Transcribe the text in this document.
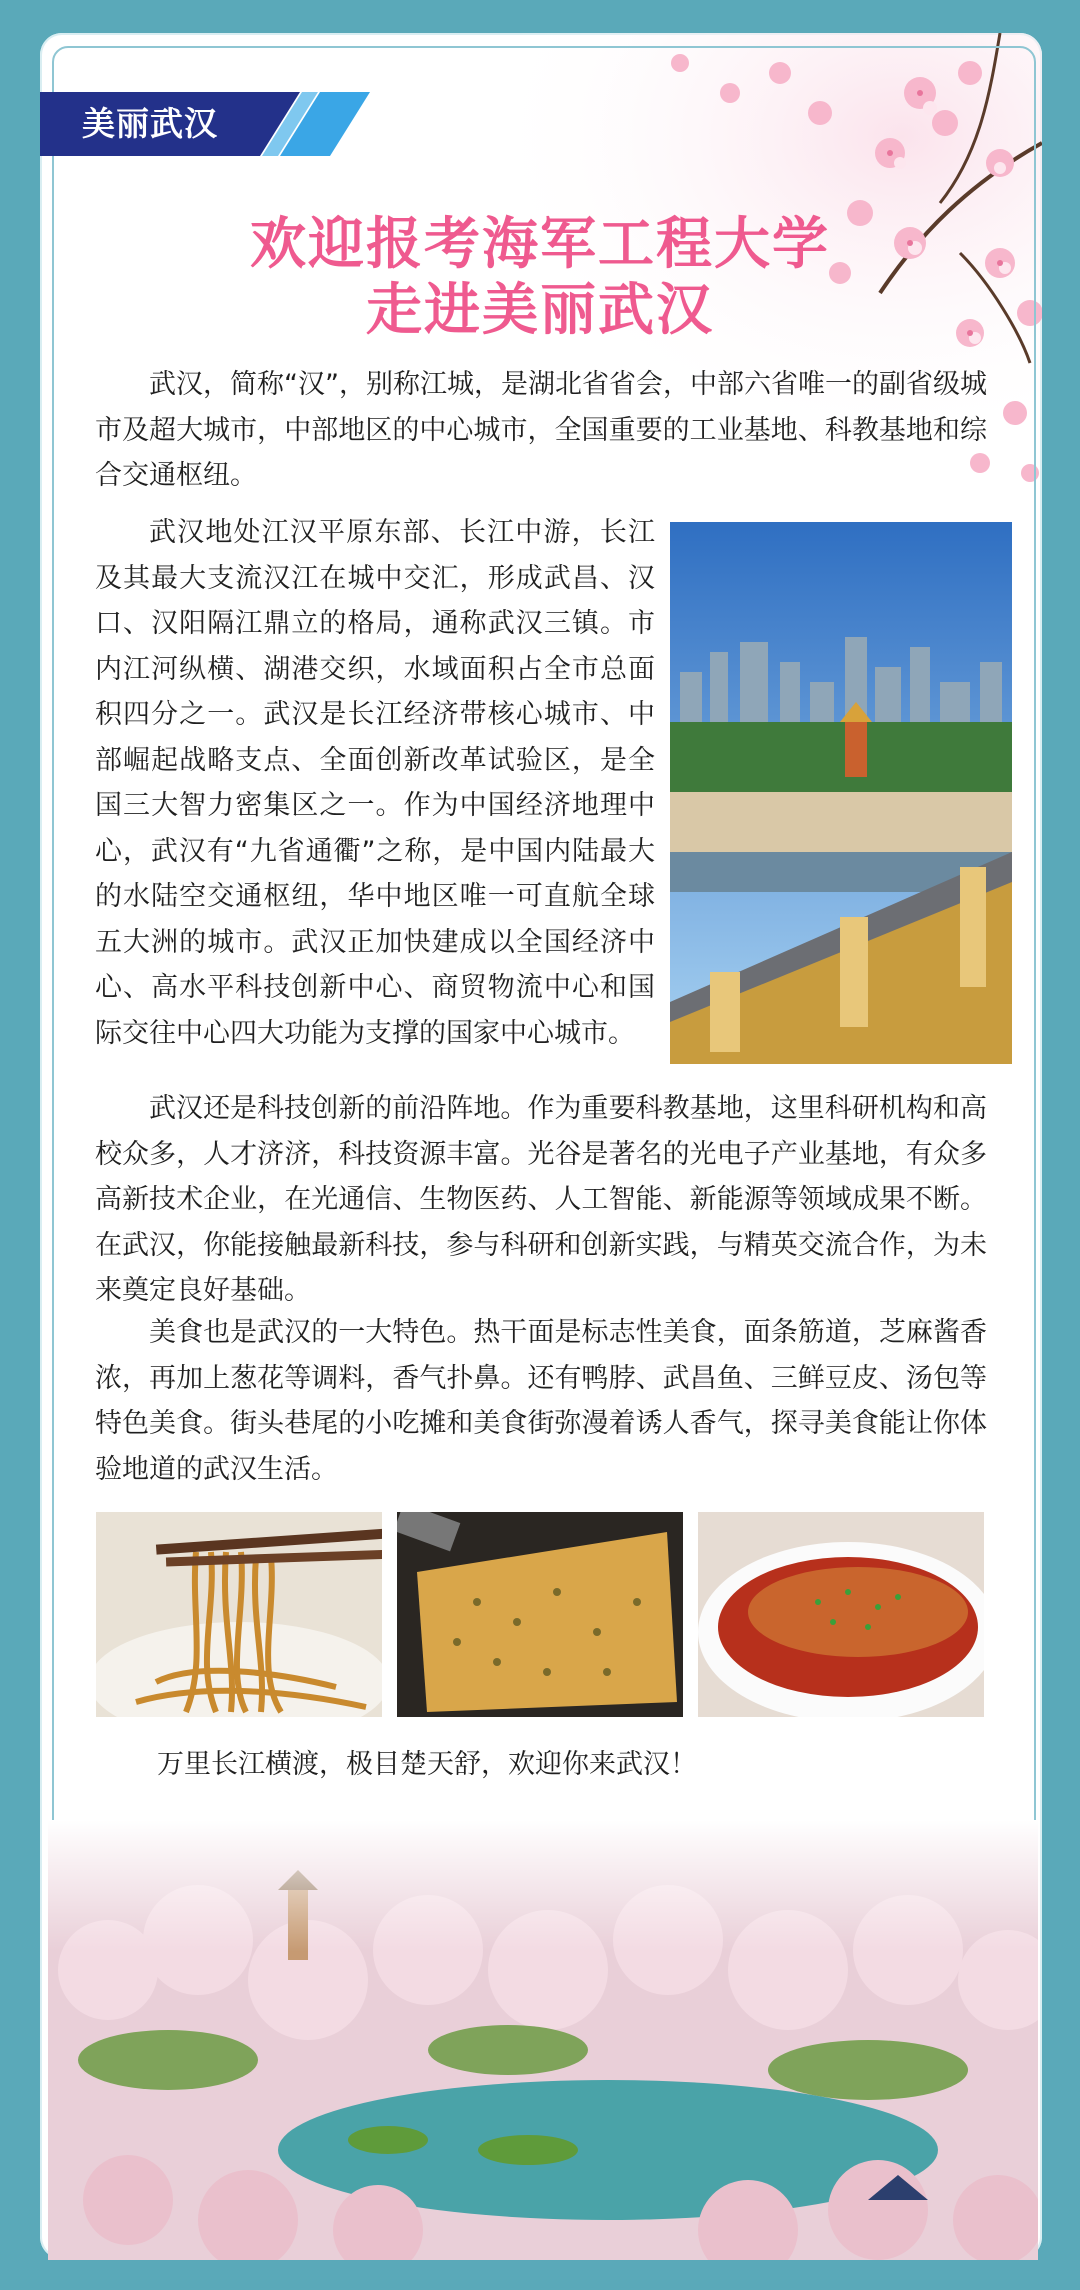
美丽武汉
欢迎报考海军工程大学
走进美丽武汉

武汉，简称“汉”，别称江城，是湖北省省会，中部六省唯一的副省级城市及超大城市，中部地区的中心城市，全国重要的工业基地、科教基地和综合交通枢纽。

武汉地处江汉平原东部、长江中游，长江及其最大支流汉江在城中交汇，形成武昌、汉口、汉阳隔江鼎立的格局，通称武汉三镇。市内江河纵横、湖港交织，水域面积占全市总面积四分之一。武汉是长江经济带核心城市、中部崛起战略支点、全面创新改革试验区，是全国三大智力密集区之一。作为中国经济地理中心，武汉有“九省通衢”之称，是中国内陆最大的水陆空交通枢纽，华中地区唯一可直航全球五大洲的城市。武汉正加快建成以全国经济中心、高水平科技创新中心、商贸物流中心和国际交往中心四大功能为支撑的国家中心城市。

武汉还是科技创新的前沿阵地。作为重要科教基地，这里科研机构和高校众多，人才济济，科技资源丰富。光谷是著名的光电子产业基地，有众多高新技术企业，在光通信、生物医药、人工智能、新能源等领域成果不断。在武汉，你能接触最新科技，参与科研和创新实践，与精英交流合作，为未来奠定良好基础。

美食也是武汉的一大特色。热干面是标志性美食，面条筋道，芝麻酱香浓，再加上葱花等调料，香气扑鼻。还有鸭脖、武昌鱼、三鲜豆皮、汤包等特色美食。街头巷尾的小吃摊和美食街弥漫着诱人香气，探寻美食能让你体验地道的武汉生活。

万里长江横渡，极目楚天舒，欢迎你来武汉！
